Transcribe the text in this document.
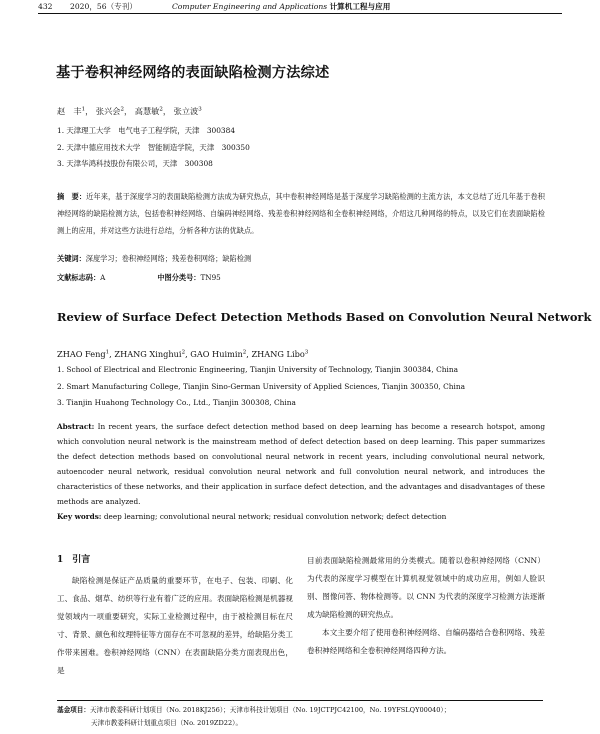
432 2020，56（专刊）	Computer Engineering and Applications 计算机工程与应用
基于卷积神经网络的表面缺陷检测方法综述
赵　丰$^1$， 张兴会$^2$， 高慧敏$^2$， 张立波$^3$
1. 天津理工大学　电气电子工程学院，天津　300384
2. 天津中德应用技术大学　智能制造学院，天津　300350
3. 天津华鸿科技股份有限公司，天津　300308
摘　要：近年来，基于深度学习的表面缺陷检测方法成为研究热点，其中卷积神经网络是基于深度学习缺陷检测的主流方法，本文总结了近几年基于卷积神经网络的缺陷检测方法，包括卷积神经网络、自编码神经网络、残差卷积神经网络和全卷积神经网络，介绍这几种网络的特点，以及它们在表面缺陷检测上的应用，并对这些方法进行总结，分析各种方法的优缺点。
关键词：深度学习；卷积神经网络；残差卷积网络；缺陷检测
文献标志码：A	中图分类号：TN95
Review of Surface Defect Detection Methods Based on Convolution Neural Network
ZHAO Feng$^1$, ZHANG Xinghui$^2$, GAO Huimin$^2$, ZHANG Libo$^3$
1. School of Electrical and Electronic Engineering, Tianjin University of Technology, Tianjin 300384, China
2. Smart Manufacturing College, Tianjin Sino-German University of Applied Sciences, Tianjin 300350, China
3. Tianjin Huahong Technology Co., Ltd., Tianjin 300308, China
Abstract: In recent years, the surface defect detection method based on deep learning has become a research hotspot, among which convolution neural network is the mainstream method of defect detection based on deep learning. This paper summarizes the defect detection methods based on convolutional neural network in recent years, including convolutional neural network, autoencoder neural network, residual convolution neural network and full convolution neural network, and introduces the characteristics of these networks, and their application in surface defect detection, and the advantages and disadvantages of these methods are analyzed.
Key words: deep learning; convolutional neural network; residual convolution network; defect detection
1　引言
缺陷检测是保证产品质量的重要环节，在电子、包装、印刷、化工、食品、烟草、纺织等行业有着广泛的应用。表面缺陷检测是机器视觉领域内一项重要研究，实际工业检测过程中，由于被检测目标在尺寸、背景、颜色和纹理特征等方面存在不可忽视的差异，给缺陷分类工作带来困难。卷积神经网络（CNN）在表面缺陷分类方面表现出色，是

目前表面缺陷检测最常用的分类模式。随着以卷积神经网络（CNN）为代表的深度学习模型在计算机视觉领域中的成功应用，例如人脸识别、图像问答、物体检测等。以 CNN 为代表的深度学习检测方法逐渐成为缺陷检测的研究热点。

本文主要介绍了使用卷积神经网络、自编码器结合卷积网络、残差卷积神经网络和全卷积神经网络四种方法。

基金项目：天津市教委科研计划项目（No. 2018KJ256）；天津市科技计划项目（No. 19JCTPJC42100，No. 19YFSLQY00040）；
天津市教委科研计划重点项目（No. 2019ZD22）。
